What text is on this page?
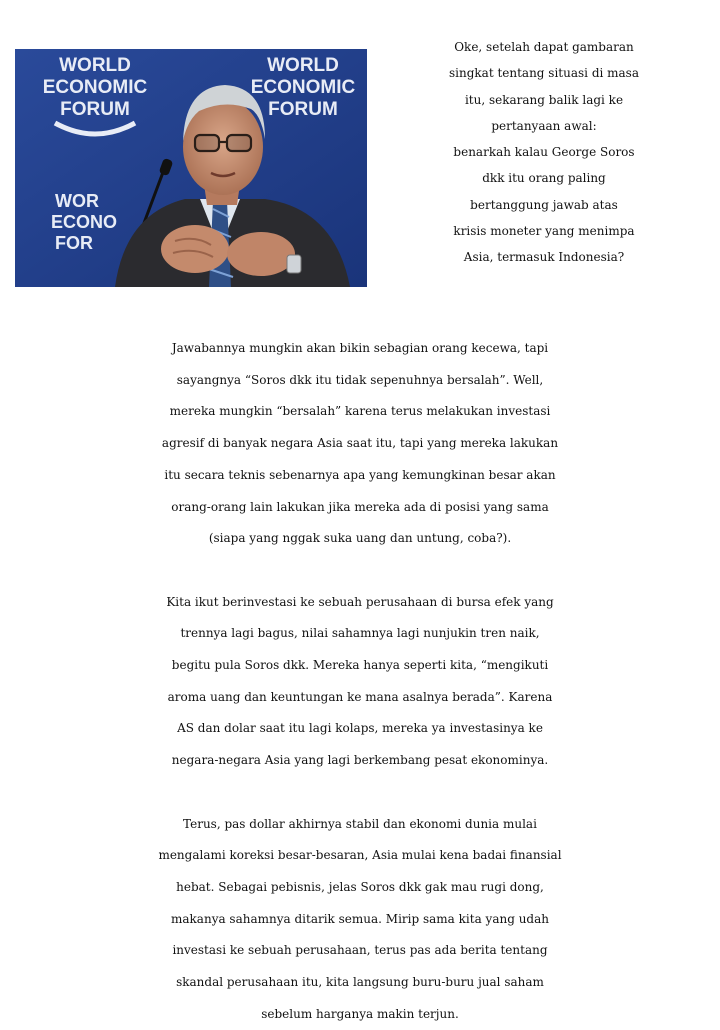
WORLD
ECONOMIC
FORUM
WORLD
ECONOMIC
FORUM
WOR
ECONO
FOR

Oke, setelah dapat gambaran
singkat tentang situasi di masa
itu, sekarang balik lagi ke
pertanyaan awal:
benarkah kalau George Soros
dkk itu orang paling
bertanggung jawab atas
krisis moneter yang menimpa
Asia, termasuk Indonesia?

Jawabannya mungkin akan bikin sebagian orang kecewa, tapi
sayangnya “Soros dkk itu tidak sepenuhnya bersalah”. Well,
mereka mungkin “bersalah” karena terus melakukan investasi
agresif di banyak negara Asia saat itu, tapi yang mereka lakukan
itu secara teknis sebenarnya apa yang kemungkinan besar akan
orang-orang lain lakukan jika mereka ada di posisi yang sama
(siapa yang nggak suka uang dan untung, coba?).

Kita ikut berinvestasi ke sebuah perusahaan di bursa efek yang
trennya lagi bagus, nilai sahamnya lagi nunjukin tren naik,
begitu pula Soros dkk. Mereka hanya seperti kita, “mengikuti
aroma uang dan keuntungan ke mana asalnya berada”. Karena
AS dan dolar saat itu lagi kolaps, mereka ya investasinya ke
negara-negara Asia yang lagi berkembang pesat ekonominya.

Terus, pas dollar akhirnya stabil dan ekonomi dunia mulai
mengalami koreksi besar-besaran, Asia mulai kena badai finansial
hebat. Sebagai pebisnis, jelas Soros dkk gak mau rugi dong,
makanya sahamnya ditarik semua. Mirip sama kita yang udah
investasi ke sebuah perusahaan, terus pas ada berita tentang
skandal perusahaan itu, kita langsung buru-buru jual saham
sebelum harganya makin terjun.
